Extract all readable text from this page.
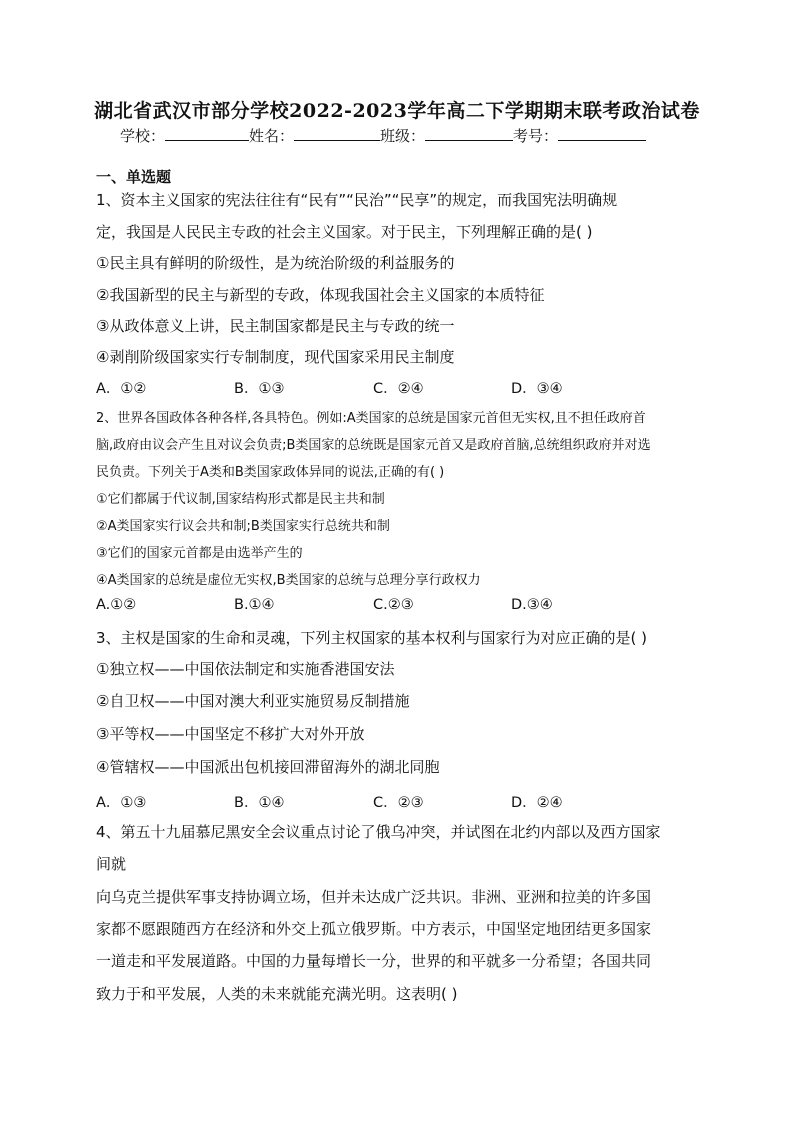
湖北省武汉市部分学校2022-2023学年高二下学期期末联考政治试卷
学校：	姓名：	班级：	考号：
一、单选题
1、资本主义国家的宪法往往有“民有”“民治”“民享”的规定，而我国宪法明确规
定，我国是人民民主专政的社会主义国家。对于民主，下列理解正确的是( )
①民主具有鲜明的阶级性，是为统治阶级的利益服务的
②我国新型的民主与新型的专政，体现我国社会主义国家的本质特征
③从政体意义上讲，民主制国家都是民主与专政的统一
④剥削阶级国家实行专制制度，现代国家采用民主制度
A．①②	B．①③	C．②④	D．③④
2、世界各国政体各种各样,各具特色。例如:A类国家的总统是国家元首但无实权,且不担任政府首
脑,政府由议会产生且对议会负责;B类国家的总统既是国家元首又是政府首脑,总统组织政府并对选
民负责。下列关于A类和B类国家政体异同的说法,正确的有( )
①它们都属于代议制,国家结构形式都是民主共和制
②A类国家实行议会共和制;B类国家实行总统共和制
③它们的国家元首都是由选举产生的
④A类国家的总统是虚位无实权,B类国家的总统与总理分享行政权力
A.①②	B.①④	C.②③	D.③④
3、主权是国家的生命和灵魂，下列主权国家的基本权利与国家行为对应正确的是( )
①独立权——中国依法制定和实施香港国安法
②自卫权——中国对澳大利亚实施贸易反制措施
③平等权——中国坚定不移扩大对外开放
④管辖权——中国派出包机接回滞留海外的湖北同胞
A．①③	B．①④	C．②③	D．②④
4、第五十九届慕尼黑安全会议重点讨论了俄乌冲突，并试图在北约内部以及西方国家
间就
向乌克兰提供军事支持协调立场，但并未达成广泛共识。非洲、亚洲和拉美的许多国
家都不愿跟随西方在经济和外交上孤立俄罗斯。中方表示，中国坚定地团结更多国家
一道走和平发展道路。中国的力量每增长一分，世界的和平就多一分希望；各国共同
致力于和平发展，人类的未来就能充满光明。这表明( )
